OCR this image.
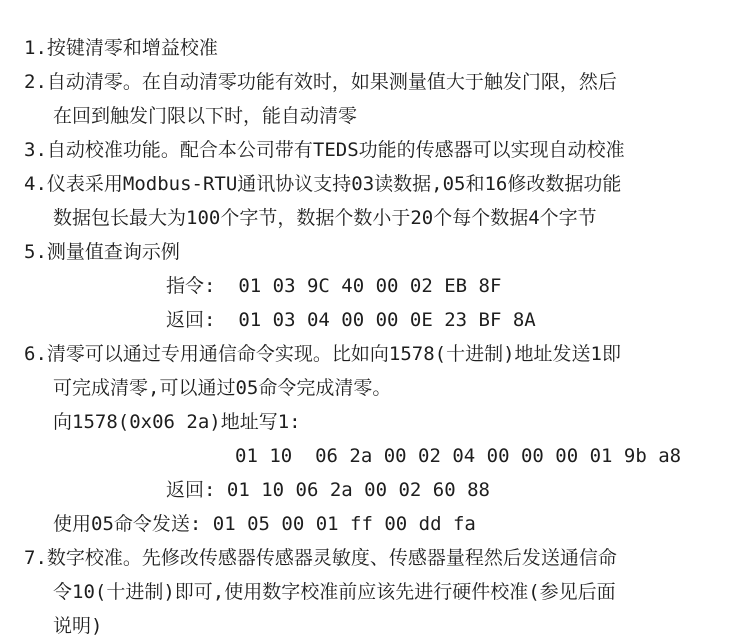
1.按键清零和增益校准
2.自动清零。在自动清零功能有效时，如果测量值大于触发门限，然后
在回到触发门限以下时，能自动清零
3.自动校准功能。配合本公司带有TEDS功能的传感器可以实现自动校准
4.仪表采用Modbus-RTU通讯协议支持03读数据,05和16修改数据功能
数据包长最大为100个字节，数据个数小于20个每个数据4个字节
5.测量值查询示例
指令:  01 03 9C 40 00 02 EB 8F
返回:  01 03 04 00 00 0E 23 BF 8A
6.清零可以通过专用通信命令实现。比如向1578(十进制)地址发送1即
可完成清零,可以通过05命令完成清零。
向1578(0x06 2a)地址写1:
01 10  06 2a 00 02 04 00 00 00 01 9b a8
返回: 01 10 06 2a 00 02 60 88
使用05命令发送: 01 05 00 01 ff 00 dd fa
7.数字校准。先修改传感器传感器灵敏度、传感器量程然后发送通信命
令10(十进制)即可,使用数字校准前应该先进行硬件校准(参见后面
说明)
